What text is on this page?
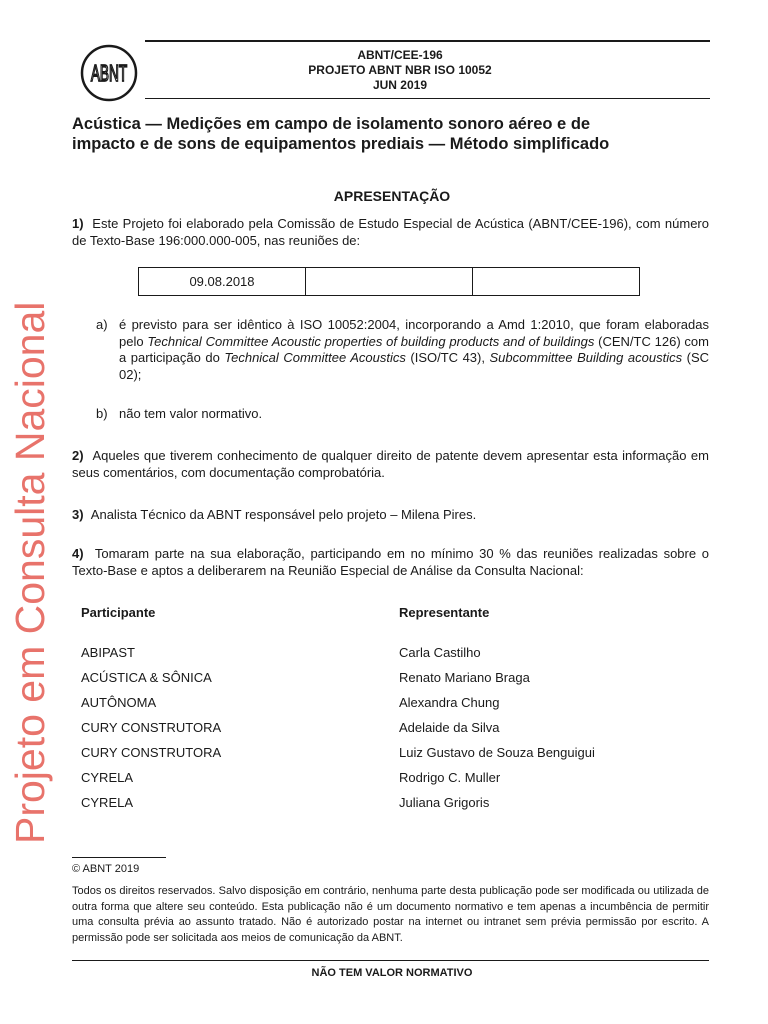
Projeto em Consulta Nacional
ABNT
ABNT/CEE-196
PROJETO ABNT NBR ISO 10052
JUN 2019
Acústica — Medições em campo de isolamento sonoro aéreo e de
impacto e de sons de equipamentos prediais — Método simplificado
APRESENTAÇÃO
1) Este Projeto foi elaborado pela Comissão de Estudo Especial de Acústica (ABNT/CEE-196), com número de Texto-Base 196:000.000-005, nas reuniões de:
09.08.2018		
a) é previsto para ser idêntico à ISO 10052:2004, incorporando a Amd 1:2010, que foram elaboradas pelo Technical Committee Acoustic properties of building products and of buildings (CEN/TC 126) com a participação do Technical Committee Acoustics (ISO/TC 43), Subcommittee Building acoustics (SC 02);
b) não tem valor normativo.
2) Aqueles que tiverem conhecimento de qualquer direito de patente devem apresentar esta informação em seus comentários, com documentação comprobatória.
3) Analista Técnico da ABNT responsável pelo projeto – Milena Pires.
4) Tomaram parte na sua elaboração, participando em no mínimo 30 % das reuniões realizadas sobre o Texto-Base e aptos a deliberarem na Reunião Especial de Análise da Consulta Nacional:
Participante	Representante
ABIPAST	Carla Castilho
ACÚSTICA & SÔNICA	Renato Mariano Braga
AUTÔNOMA	Alexandra Chung
CURY CONSTRUTORA	Adelaide da Silva
CURY CONSTRUTORA	Luiz Gustavo de Souza Benguigui
CYRELA	Rodrigo C. Muller
CYRELA	Juliana Grigoris
© ABNT 2019
Todos os direitos reservados. Salvo disposição em contrário, nenhuma parte desta publicação pode ser modificada ou utilizada de outra forma que altere seu conteúdo. Esta publicação não é um documento normativo e tem apenas a incumbência de permitir uma consulta prévia ao assunto tratado. Não é autorizado postar na internet ou intranet sem prévia permissão por escrito. A permissão pode ser solicitada aos meios de comunicação da ABNT.
NÃO TEM VALOR NORMATIVO
